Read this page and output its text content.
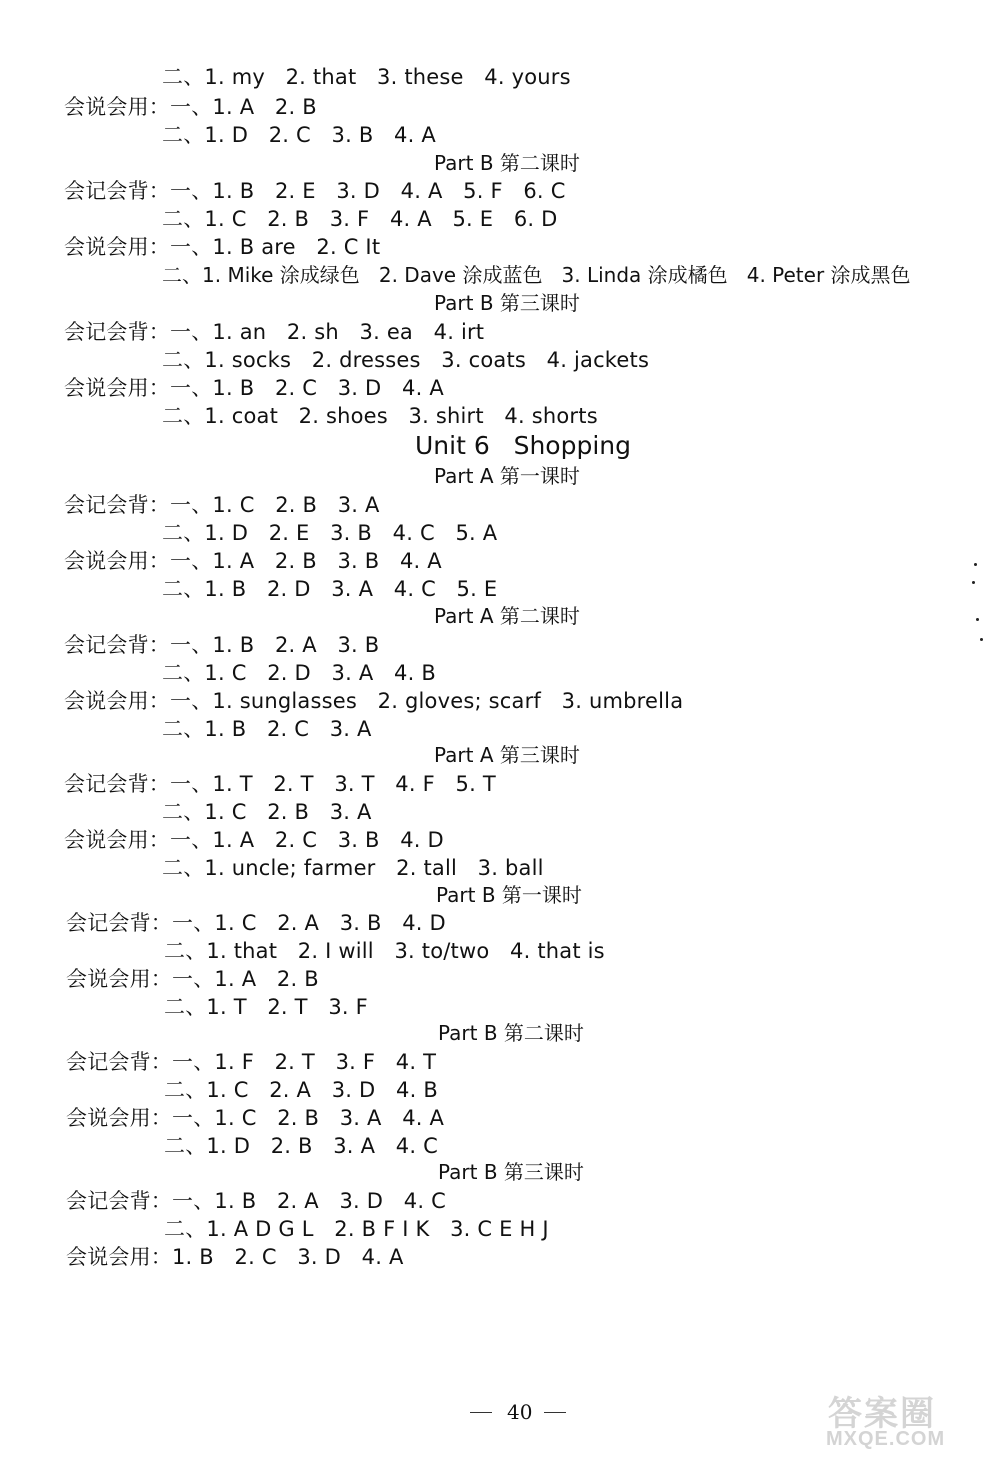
二、1. my   2. that   3. these   4. yours
会说会用：一、1. A   2. B
二、1. D   2. C   3. B   4. A
Part B 第二课时
会记会背：一、1. B   2. E   3. D   4. A   5. F   6. C
二、1. C   2. B   3. F   4. A   5. E   6. D
会说会用：一、1. B are   2. C It
二、1. Mike 涂成绿色   2. Dave 涂成蓝色   3. Linda 涂成橘色   4. Peter 涂成黑色
Part B 第三课时
会记会背：一、1. an   2. sh   3. ea   4. irt
二、1. socks   2. dresses   3. coats   4. jackets
会说会用：一、1. B   2. C   3. D   4. A
二、1. coat   2. shoes   3. shirt   4. shorts
Unit 6   Shopping
Part A 第一课时
会记会背：一、1. C   2. B   3. A
二、1. D   2. E   3. B   4. C   5. A
会说会用：一、1. A   2. B   3. B   4. A
二、1. B   2. D   3. A   4. C   5. E
Part A 第二课时
会记会背：一、1. B   2. A   3. B
二、1. C   2. D   3. A   4. B
会说会用：一、1. sunglasses   2. gloves; scarf   3. umbrella
二、1. B   2. C   3. A
Part A 第三课时
会记会背：一、1. T   2. T   3. T   4. F   5. T
二、1. C   2. B   3. A
会说会用：一、1. A   2. C   3. B   4. D
二、1. uncle; farmer   2. tall   3. ball
Part B 第一课时
会记会背：一、1. C   2. A   3. B   4. D
二、1. that   2. I will   3. to/two   4. that is
会说会用：一、1. A   2. B
二、1. T   2. T   3. F
Part B 第二课时
会记会背：一、1. F   2. T   3. F   4. T
二、1. C   2. A   3. D   4. B
会说会用：一、1. C   2. B   3. A   4. A
二、1. D   2. B   3. A   4. C
Part B 第三课时
会记会背：一、1. B   2. A   3. D   4. C
二、1. A D G L   2. B F I K   3. C E H J
会说会用：1. B   2. C   3. D   4. A
40	答案圈
MXQE.COM
